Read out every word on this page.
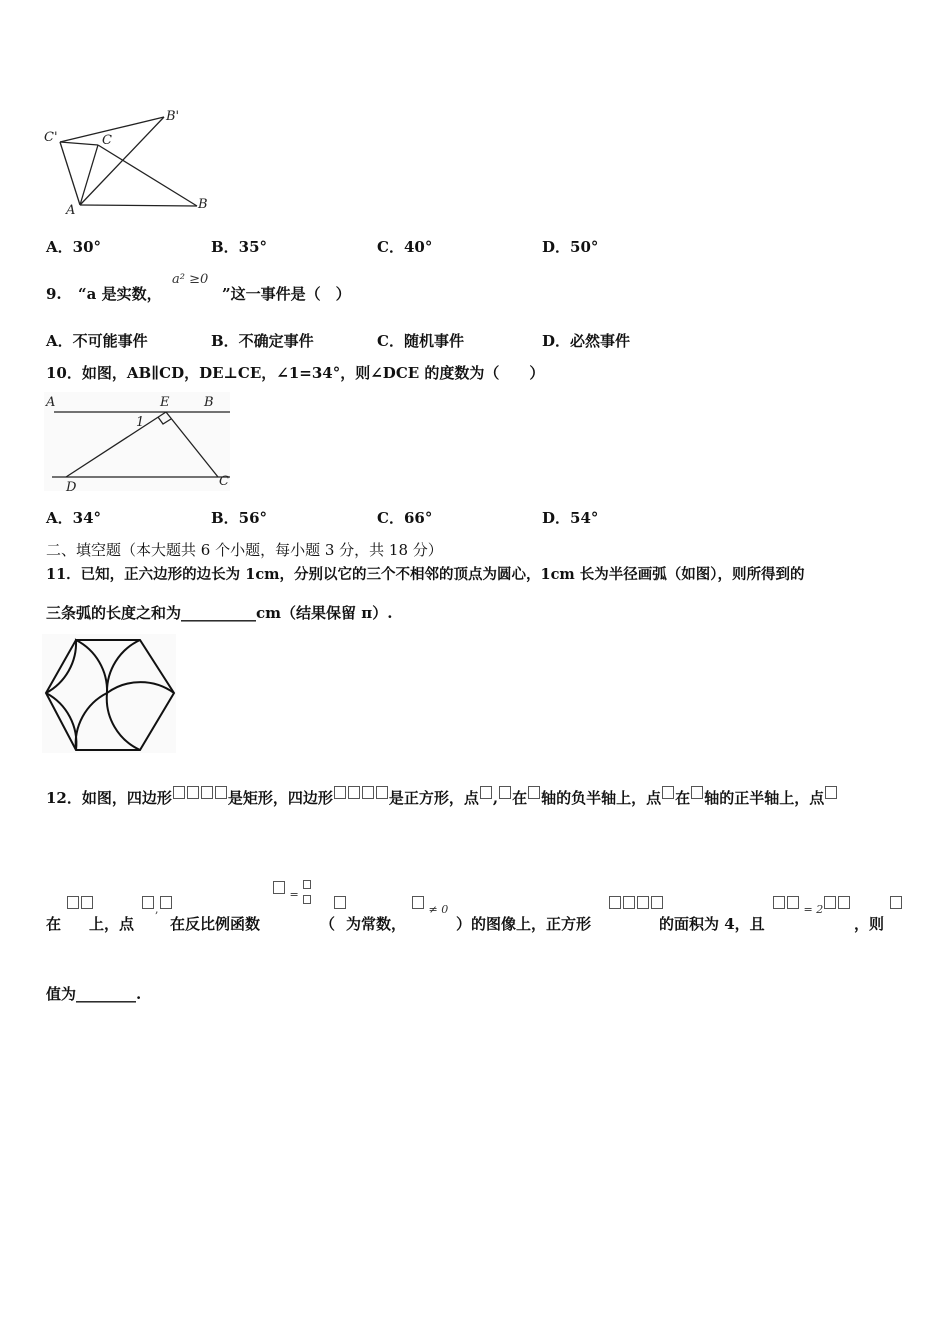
C'	C
B'
A	B
A．30°	B．35°	C．40°	D．50°
9. “a 是实数，
a² ≥0
”这一事件是（　）
A．不可能事件	B．不确定事件	C．随机事件	D．必然事件
10．如图，AB∥CD，DE⊥CE，∠1=34°，则∠DCE 的度数为（　　）
A	E	B
1
D	C
A．34°	B．56°	C．66°	D．54°
二、填空题（本大题共 6 个小题，每小题 3 分，共 18 分）
11．已知，正六边形的边长为 1cm，分别以它的三个不相邻的顶点为圆心，1cm 长为半径画弧（如图），则所得到的
三条弧的长度之和为__________cm（结果保留 π）.
12．如图，四边形	是矩形，四边形	是正方形，点 , 在 轴的负半轴上，点 在 轴的正半轴上，点
,
=

≠ 0	= 2
在 上，点 在反比例函数	（ 为常数，	）的图像上，正方形	的面积为 4，且	，则
值为________.
